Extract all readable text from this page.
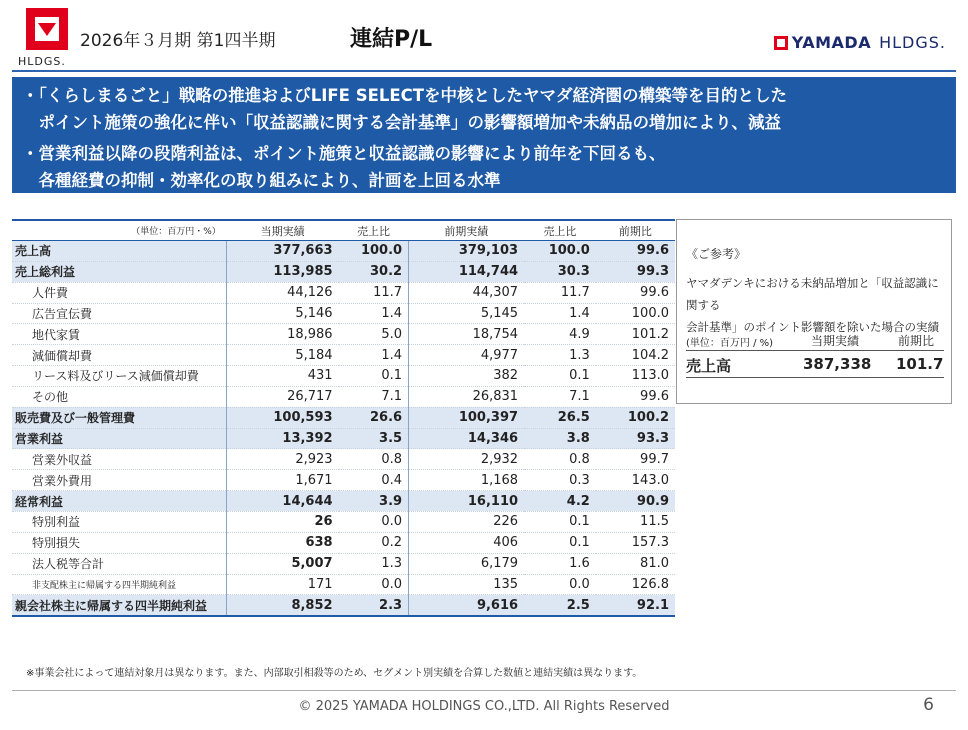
HLDGS.
2026年３月期 第1四半期	連結P/L	YAMADA HLDGS.
・「くらしまるごと」戦略の推進およびLIFE SELECTを中核としたヤマダ経済圏の構築等を目的とした
　ポイント施策の強化に伴い「収益認識に関する会計基準」の影響額増加や未納品の増加により、減益
・営業利益以降の段階利益は、ポイント施策と収益認識の影響により前年を下回るも、
　各種経費の抑制・効率化の取り組みにより、計画を上回る水準
（単位：百万円・%）	当期実績	売上比	前期実績	売上比	前期比
売上高	377,663	100.0	379,103	100.0	99.6
売上総利益	113,985	30.2	114,744	30.3	99.3
人件費	44,126	11.7	44,307	11.7	99.6
広告宣伝費	5,146	1.4	5,145	1.4	100.0
地代家賃	18,986	5.0	18,754	4.9	101.2
減価償却費	5,184	1.4	4,977	1.3	104.2
リース料及びリース減価償却費	431	0.1	382	0.1	113.0
その他	26,717	7.1	26,831	7.1	99.6
販売費及び一般管理費	100,593	26.6	100,397	26.5	100.2
営業利益	13,392	3.5	14,346	3.8	93.3
営業外収益	2,923	0.8	2,932	0.8	99.7
営業外費用	1,671	0.4	1,168	0.3	143.0
経常利益	14,644	3.9	16,110	4.2	90.9
特別利益	26	0.0	226	0.1	11.5
特別損失	638	0.2	406	0.1	157.3
法人税等合計	5,007	1.3	6,179	1.6	81.0
非支配株主に帰属する四半期純利益	171	0.0	135	0.0	126.8
親会社株主に帰属する四半期純利益	8,852	2.3	9,616	2.5	92.1
《ご参考》
ヤマダデンキにおける未納品増加と「収益認識に関する
会計基準」のポイント影響額を除いた場合の実績
(単位：百万円 / %)	当期実績	前期比
売上高	387,338 101.7
※事業会社によって連結対象月は異なります。また、内部取引相殺等のため、セグメント別実績を合算した数値と連結実績は異なります。
© 2025 YAMADA HOLDINGS CO.,LTD. All Rights Reserved	6
